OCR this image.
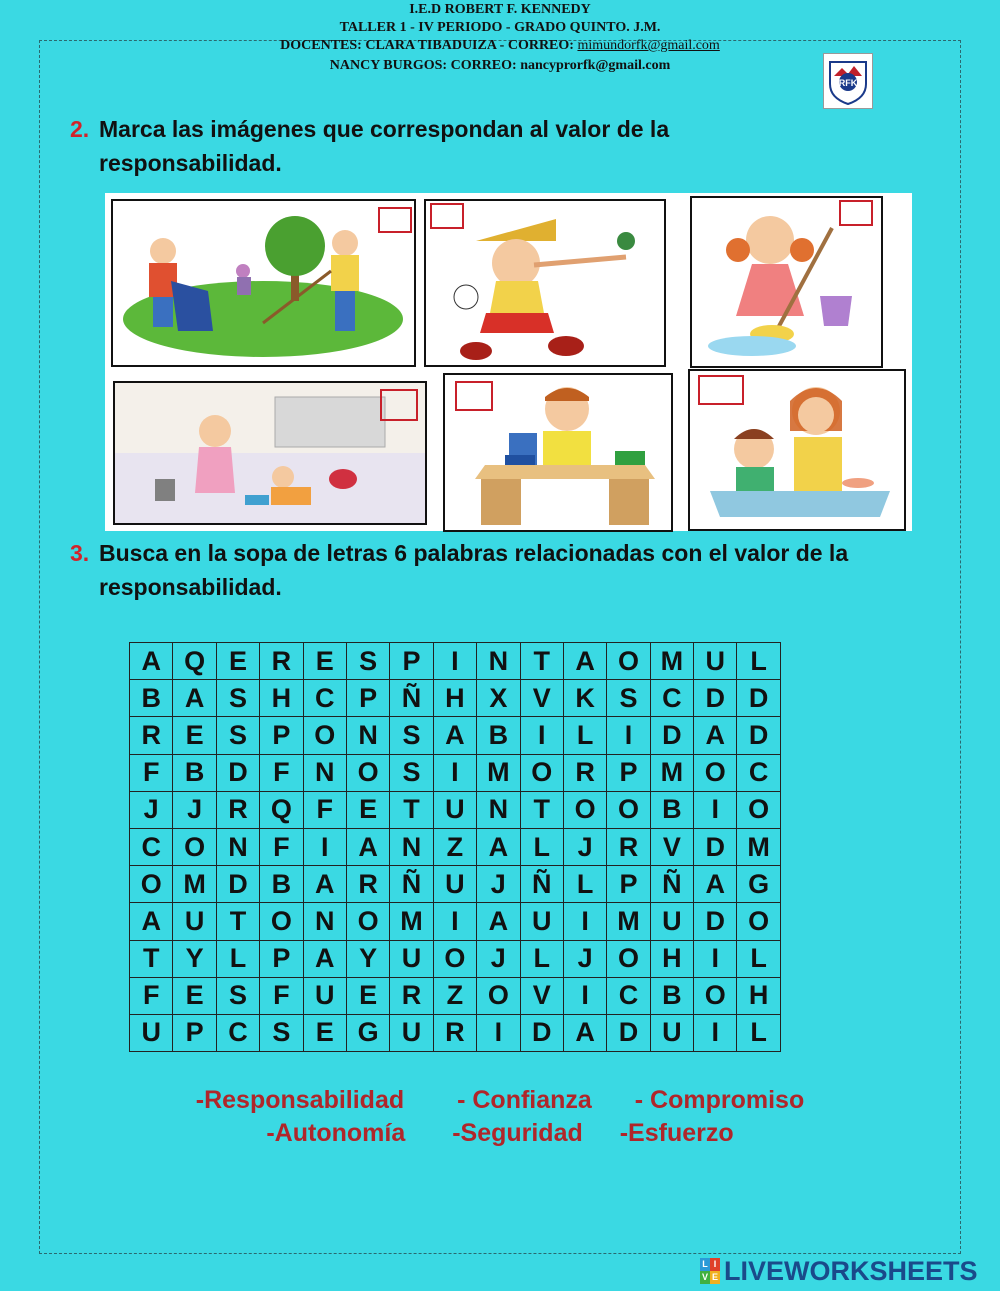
I.E.D ROBERT F. KENNEDY
TALLER 1 - IV PERIODO - GRADO QUINTO. J.M.
DOCENTES: CLARA TIBADUIZA - CORREO: mimundorfk@gmail.com
NANCY BURGOS: CORREO: nancyprorfk@gmail.com
RFK
2. Marca las imágenes que correspondan al valor de la
responsabilidad.
3. Busca en la sopa de letras 6 palabras relacionadas con el valor de la
responsabilidad.
A	Q	E	R	E	S	P	I	N	T	A	O	M	U	L
B	A	S	H	C	P	Ñ	H	X	V	K	S	C	D	D
R	E	S	P	O	N	S	A	B	I	L	I	D	A	D
F	B	D	F	N	O	S	I	M	O	R	P	M	O	C
J	J	R	Q	F	E	T	U	N	T	O	O	B	I	O
C	O	N	F	I	A	N	Z	A	L	J	R	V	D	M
O	M	D	B	A	R	Ñ	U	J	Ñ	L	P	Ñ	A	G
A	U	T	O	N	O	M	I	A	U	I	M	U	D	O
T	Y	L	P	A	Y	U	O	J	L	J	O	H	I	L
F	E	S	F	U	E	R	Z	O	V	I	C	B	O	H
U	P	C	S	E	G	U	R	I	D	A	D	U	I	L
-Responsabilidad - Confianza - Compromiso
-Autonomía -Seguridad -Esfuerzo
L I
V E LIVEWORKSHEETS
